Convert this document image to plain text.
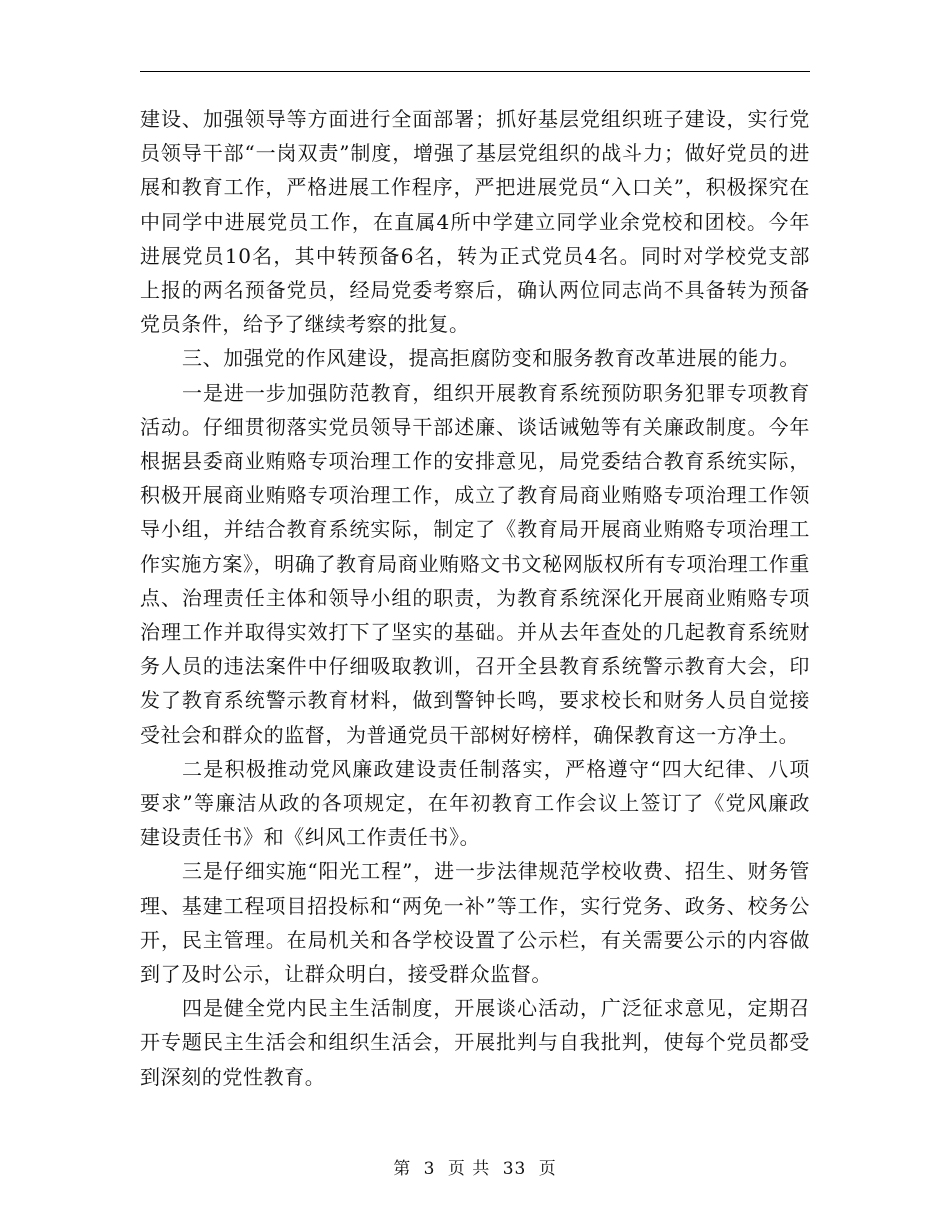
建设、加强领导等方面进行全面部署；抓好基层党组织班子建设，实行党员领导干部“一岗双责”制度，增强了基层党组织的战斗力；做好党员的进展和教育工作，严格进展工作程序，严把进展党员“入口关”，积极探究在中同学中进展党员工作，在直属4所中学建立同学业余党校和团校。今年进展党员10名，其中转预备6名，转为正式党员4名。同时对学校党支部上报的两名预备党员，经局党委考察后，确认两位同志尚不具备转为预备党员条件，给予了继续考察的批复。

三、加强党的作风建设，提高拒腐防变和服务教育改革进展的能力。

一是进一步加强防范教育，组织开展教育系统预防职务犯罪专项教育活动。仔细贯彻落实党员领导干部述廉、谈话诫勉等有关廉政制度。今年根据县委商业贿赂专项治理工作的安排意见，局党委结合教育系统实际，积极开展商业贿赂专项治理工作，成立了教育局商业贿赂专项治理工作领导小组，并结合教育系统实际，制定了《教育局开展商业贿赂专项治理工作实施方案》，明确了教育局商业贿赂文书文秘网版权所有专项治理工作重点、治理责任主体和领导小组的职责，为教育系统深化开展商业贿赂专项治理工作并取得实效打下了坚实的基础。并从去年查处的几起教育系统财务人员的违法案件中仔细吸取教训，召开全县教育系统警示教育大会，印发了教育系统警示教育材料，做到警钟长鸣，要求校长和财务人员自觉接受社会和群众的监督，为普通党员干部树好榜样，确保教育这一方净土。

二是积极推动党风廉政建设责任制落实，严格遵守“四大纪律、八项要求”等廉洁从政的各项规定，在年初教育工作会议上签订了《党风廉政建设责任书》和《纠风工作责任书》。

三是仔细实施“阳光工程”，进一步法律规范学校收费、招生、财务管理、基建工程项目招投标和“两免一补”等工作，实行党务、政务、校务公开，民主管理。在局机关和各学校设置了公示栏，有关需要公示的内容做到了及时公示，让群众明白，接受群众监督。

四是健全党内民主生活制度，开展谈心活动，广泛征求意见，定期召开专题民主生活会和组织生活会，开展批判与自我批判，使每个党员都受到深刻的党性教育。

第 3 页 共 33 页
